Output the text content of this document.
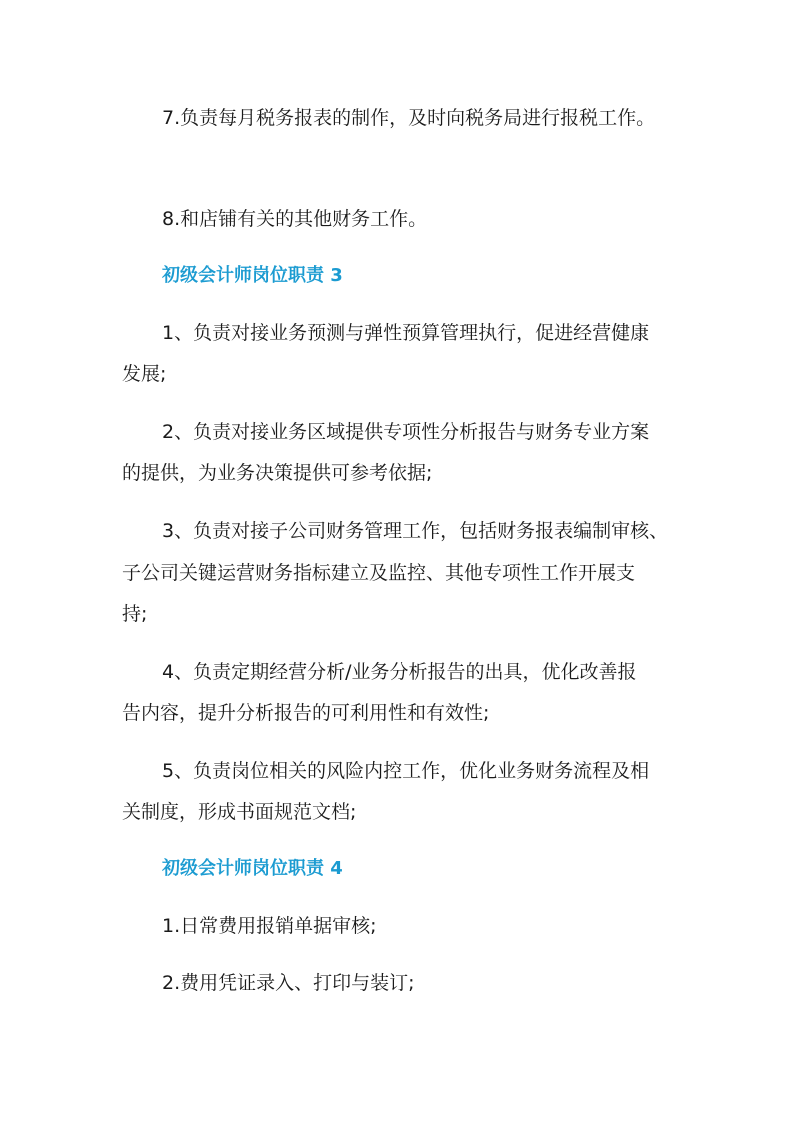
7.负责每月税务报表的制作，及时向税务局进行报税工作。
8.和店铺有关的其他财务工作。
初级会计师岗位职责 3
1、负责对接业务预测与弹性预算管理执行，促进经营健康
发展;
2、负责对接业务区域提供专项性分析报告与财务专业方案
的提供，为业务决策提供可参考依据;
3、负责对接子公司财务管理工作，包括财务报表编制审核、
子公司关键运营财务指标建立及监控、其他专项性工作开展支
持;
4、负责定期经营分析/业务分析报告的出具，优化改善报
告内容，提升分析报告的可利用性和有效性;
5、负责岗位相关的风险内控工作，优化业务财务流程及相
关制度，形成书面规范文档;
初级会计师岗位职责 4
1.日常费用报销单据审核;
2.费用凭证录入、打印与装订;
